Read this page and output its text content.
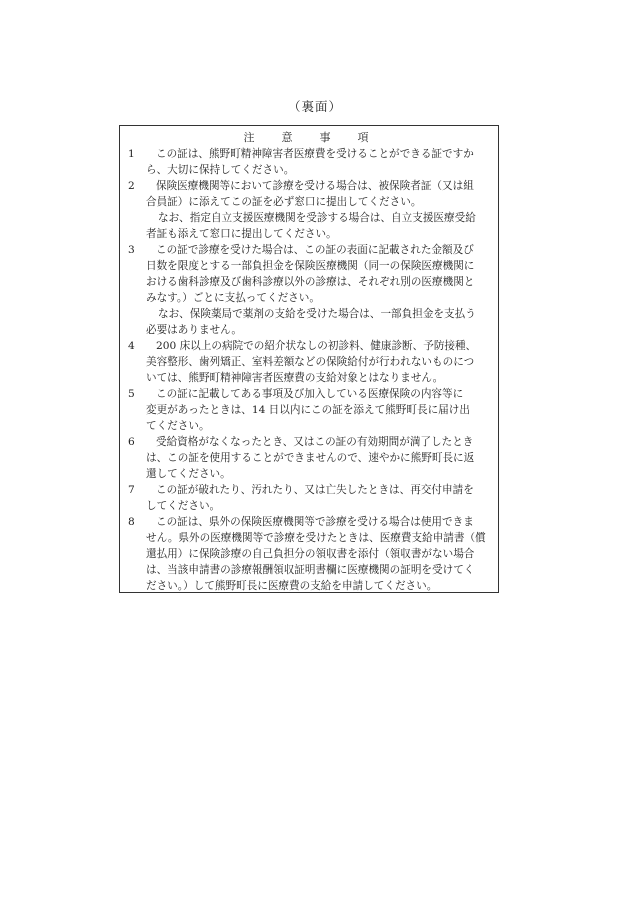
（裏面）
注　意　事　項
1 この証は、熊野町精神障害者医療費を受けることができる証ですか
ら、大切に保持してください。
2 保険医療機関等において診療を受ける場合は、被保険者証（又は組
合員証）に添えてこの証を必ず窓口に提出してください。
なお、指定自立支援医療機関を受診する場合は、自立支援医療受給
者証も添えて窓口に提出してください。
3 この証で診療を受けた場合は、この証の表面に記載された金額及び
日数を限度とする一部負担金を保険医療機関（同一の保険医療機関に
おける歯科診療及び歯科診療以外の診療は、それぞれ別の医療機関と
みなす。）ごとに支払ってください。
なお、保険薬局で薬剤の支給を受けた場合は、一部負担金を支払う
必要はありません。
4 200 床以上の病院での紹介状なしの初診料、健康診断、予防接種、
美容整形、歯列矯正、室料差額などの保険給付が行われないものにつ
いては、熊野町精神障害者医療費の支給対象とはなりません。
5 この証に記載してある事項及び加入している医療保険の内容等に
変更があったときは、14 日以内にこの証を添えて熊野町長に届け出
てください。
6 受給資格がなくなったとき、又はこの証の有効期間が満了したとき
は、この証を使用することができませんので、速やかに熊野町長に返
還してください。
7 この証が破れたり、汚れたり、又は亡失したときは、再交付申請を
してください。
8 この証は、県外の保険医療機関等で診療を受ける場合は使用できま
せん。県外の医療機関等で診療を受けたときは、医療費支給申請書（償
還払用）に保険診療の自己負担分の領収書を添付（領収書がない場合
は、当該申請書の診療報酬領収証明書欄に医療機関の証明を受けてく
ださい。）して熊野町長に医療費の支給を申請してください。
